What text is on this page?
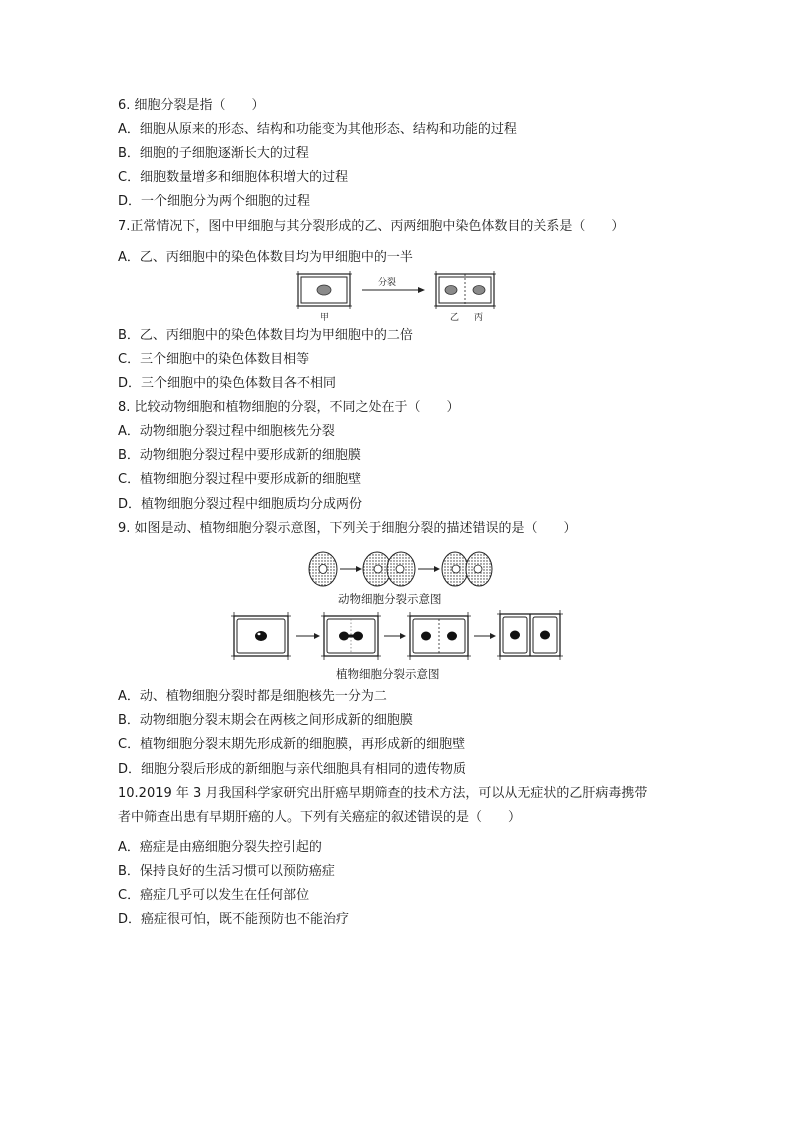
6. 细胞分裂是指（　　）
A．细胞从原来的形态、结构和功能变为其他形态、结构和功能的过程
B．细胞的子细胞逐渐长大的过程
C．细胞数量增多和细胞体积增大的过程
D．一个细胞分为两个细胞的过程
7.正常情况下，图中甲细胞与其分裂形成的乙、丙两细胞中染色体数目的关系是（　　）
A．乙、丙细胞中的染色体数目均为甲细胞中的一半
分裂
甲	乙 丙
B．乙、丙细胞中的染色体数目均为甲细胞中的二倍
C．三个细胞中的染色体数目相等
D．三个细胞中的染色体数目各不相同
8. 比较动物细胞和植物细胞的分裂，不同之处在于（　　）
A．动物细胞分裂过程中细胞核先分裂
B．动物细胞分裂过程中要形成新的细胞膜
C．植物细胞分裂过程中要形成新的细胞壁
D．植物细胞分裂过程中细胞质均分成两份
9. 如图是动、植物细胞分裂示意图，下列关于细胞分裂的描述错误的是（　　）
动物细胞分裂示意图
植物细胞分裂示意图
A．动、植物细胞分裂时都是细胞核先一分为二
B．动物细胞分裂末期会在两核之间形成新的细胞膜
C．植物细胞分裂末期先形成新的细胞膜，再形成新的细胞壁
D．细胞分裂后形成的新细胞与亲代细胞具有相同的遗传物质
10.2019 年 3 月我国科学家研究出肝癌早期筛查的技术方法，可以从无症状的乙肝病毒携带
者中筛查出患有早期肝癌的人。下列有关癌症的叙述错误的是（　　）
A．癌症是由癌细胞分裂失控引起的
B．保持良好的生活习惯可以预防癌症
C．癌症几乎可以发生在任何部位
D．癌症很可怕，既不能预防也不能治疗
